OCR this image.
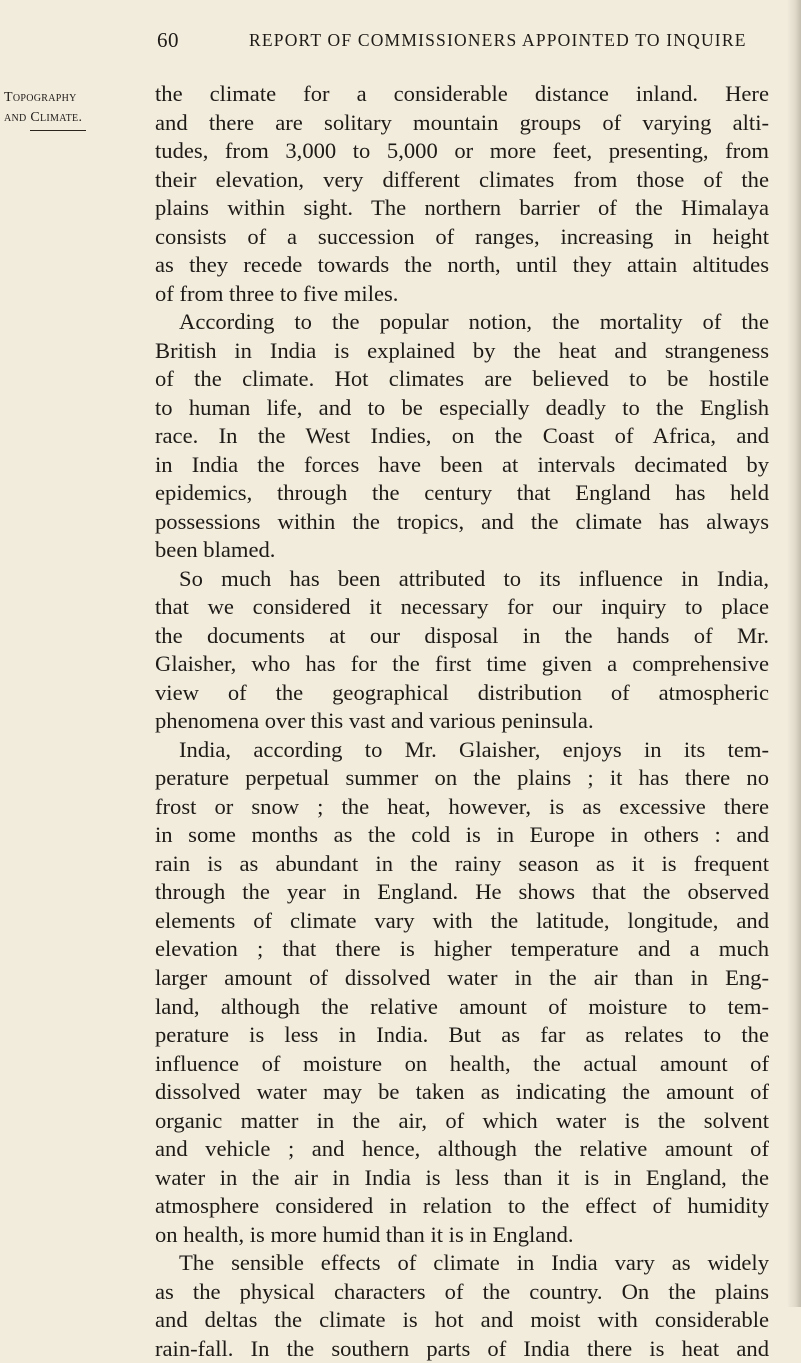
60	REPORT OF COMMISSIONERS APPOINTED TO INQUIRE
Topography
and Climate.
the climate for a considerable distance inland. Here
and there are solitary mountain groups of varying alti-
tudes, from 3,000 to 5,000 or more feet, presenting, from
their elevation, very different climates from those of the
plains within sight. The northern barrier of the Himalaya
consists of a succession of ranges, increasing in height
as they recede towards the north, until they attain altitudes
of from three to five miles.
According to the popular notion, the mortality of the
British in India is explained by the heat and strangeness
of the climate. Hot climates are believed to be hostile
to human life, and to be especially deadly to the English
race. In the West Indies, on the Coast of Africa, and
in India the forces have been at intervals decimated by
epidemics, through the century that England has held
possessions within the tropics, and the climate has always
been blamed.
So much has been attributed to its influence in India,
that we considered it necessary for our inquiry to place
the documents at our disposal in the hands of Mr.
Glaisher, who has for the first time given a comprehensive
view of the geographical distribution of atmospheric
phenomena over this vast and various peninsula.
India, according to Mr. Glaisher, enjoys in its tem-
perature perpetual summer on the plains ; it has there no
frost or snow ; the heat, however, is as excessive there
in some months as the cold is in Europe in others : and
rain is as abundant in the rainy season as it is frequent
through the year in England. He shows that the observed
elements of climate vary with the latitude, longitude, and
elevation ; that there is higher temperature and a much
larger amount of dissolved water in the air than in Eng-
land, although the relative amount of moisture to tem-
perature is less in India. But as far as relates to the
influence of moisture on health, the actual amount of
dissolved water may be taken as indicating the amount of
organic matter in the air, of which water is the solvent
and vehicle ; and hence, although the relative amount of
water in the air in India is less than it is in England, the
atmosphere considered in relation to the effect of humidity
on health, is more humid than it is in England.
The sensible effects of climate in India vary as widely
as the physical characters of the country. On the plains
and deltas the climate is hot and moist with considerable
rain-fall. In the southern parts of India there is heat and
